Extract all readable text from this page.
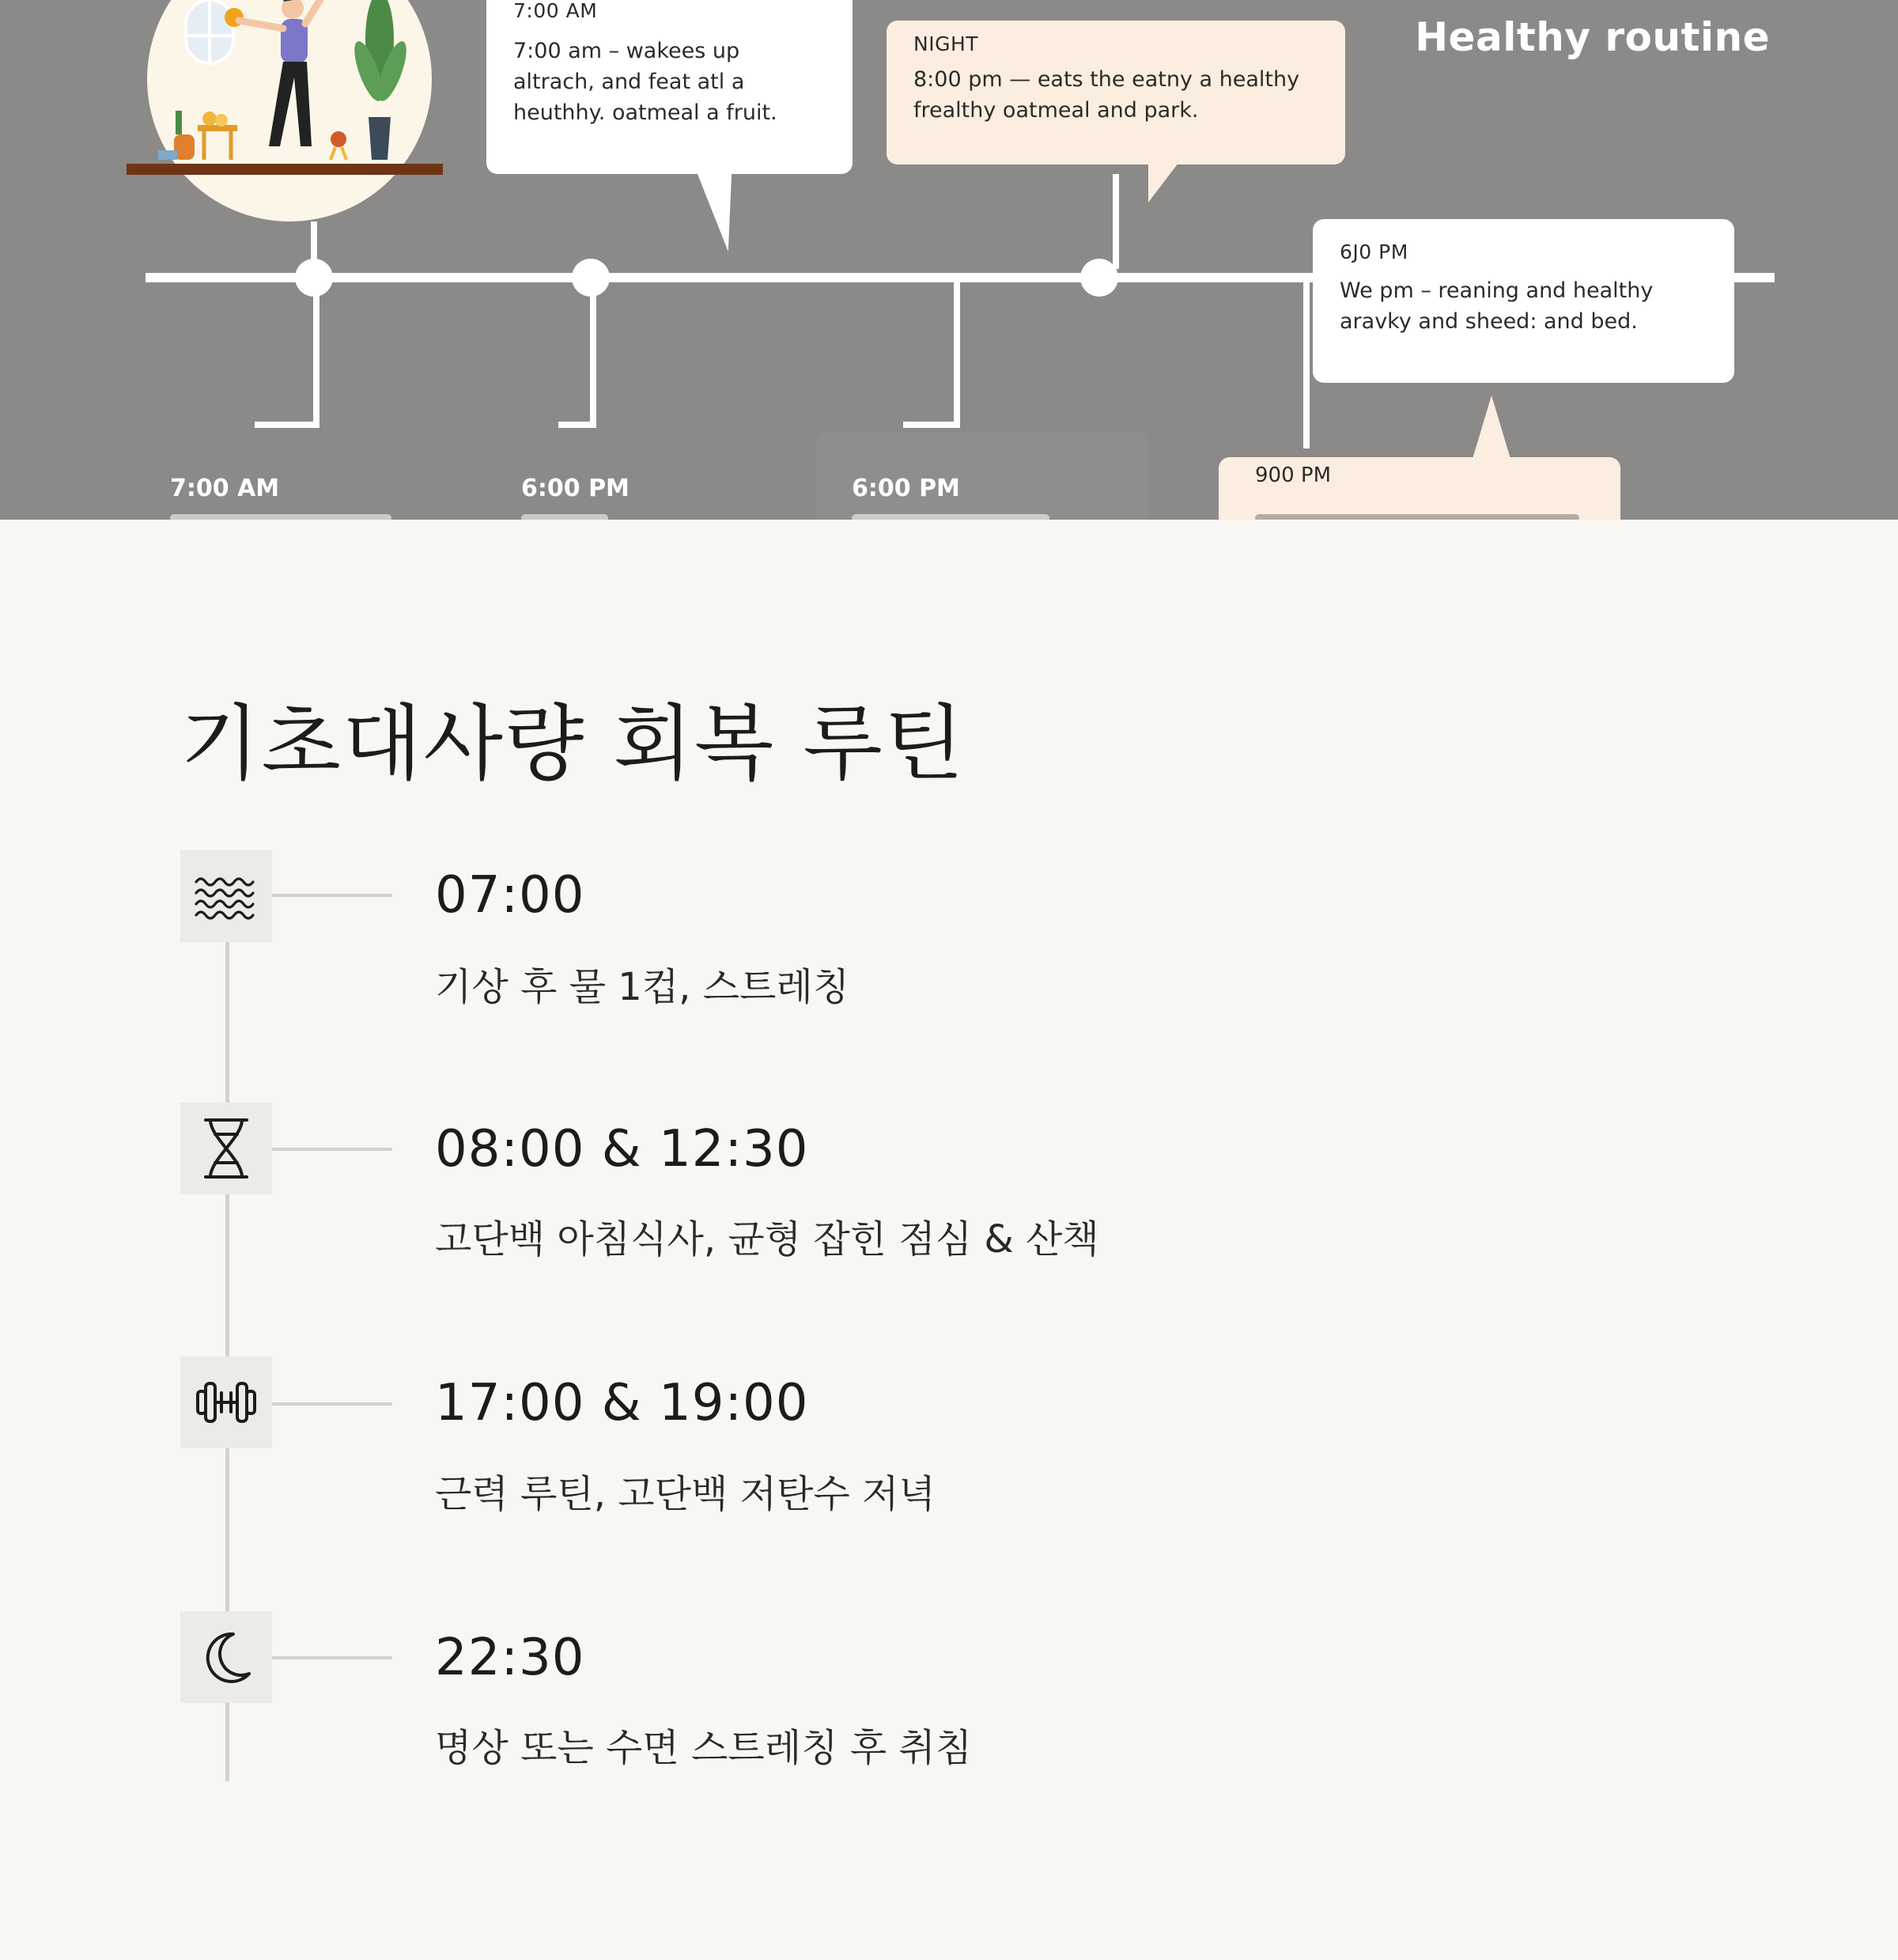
Healthy routine
7:00 AM
7:00 am – wakees up altrach, and feat atl a heuthhy. oatmeal a fruit.
NIGHT
8:00 pm — eats the eatny a healthy frealthy oatmeal and park.
6J0 PM
We pm – reaning and healthy aravky and sheed: and bed.
7:00 AM	6:00 PM	6:00 PM	900 PM
기초대사량 회복 루틴
07:00
기상 후 물 1컵, 스트레칭
08:00 & 12:30
고단백 아침식사, 균형 잡힌 점심 & 산책
17:00 & 19:00
근력 루틴, 고단백 저탄수 저녁
22:30
명상 또는 수면 스트레칭 후 취침
